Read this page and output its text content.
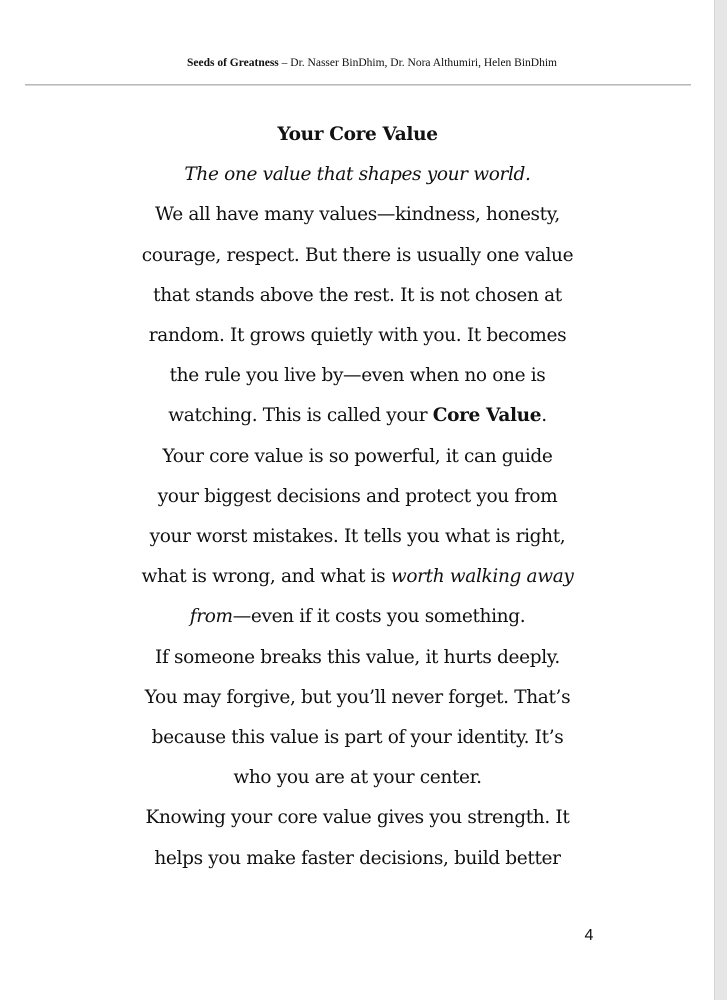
Seeds of Greatness – Dr. Nasser BinDhim, Dr. Nora Althumiri, Helen BinDhim
Your Core Value
The one value that shapes your world.
We all have many values—kindness, honesty,
courage, respect. But there is usually one value
that stands above the rest. It is not chosen at
random. It grows quietly with you. It becomes
the rule you live by—even when no one is
watching. This is called your Core Value.
Your core value is so powerful, it can guide
your biggest decisions and protect you from
your worst mistakes. It tells you what is right,
what is wrong, and what is worth walking away
from—even if it costs you something.
If someone breaks this value, it hurts deeply.
You may forgive, but you’ll never forget. That’s
because this value is part of your identity. It’s
who you are at your center.
Knowing your core value gives you strength. It
helps you make faster decisions, build better
4
